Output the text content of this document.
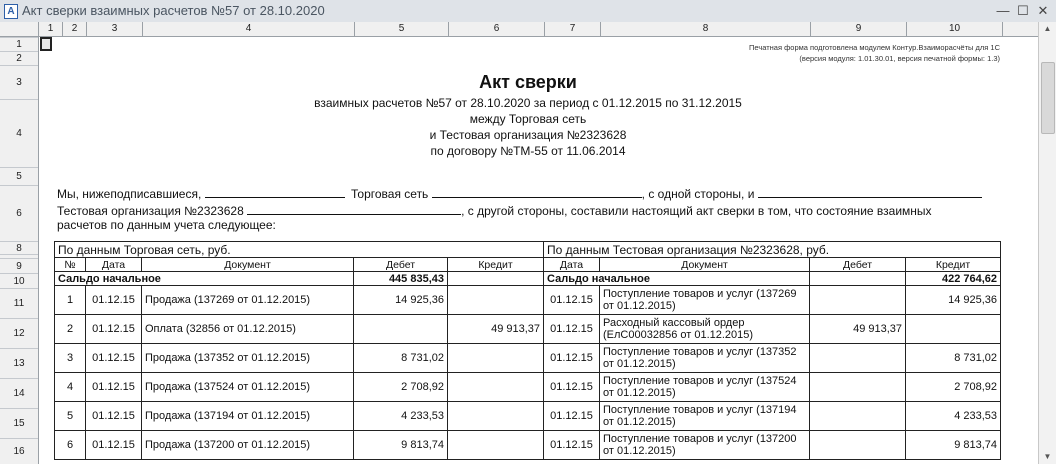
A Акт сверки взаимных расчетов №57 от 28.10.2020	— ☐ ✕
1	2	3	4	5	6	7	8	9	10
1
2
3
4
5
6
8
9
10
11
12
13
14
15
16
▲
▼
Печатная форма подготовлена модулем Контур.Взаиморасчёты для 1С
(версия модуля: 1.01.30.01, версия печатной формы: 1.3)
Акт сверки
взаимных расчетов №57 от 28.10.2020 за период с 01.12.2015 по 31.12.2015
между Торговая сеть
и Тестовая организация №2323628
по договору №ТМ-55 от 11.06.2014
Мы, нижеподписавшиеся,	Торговая сеть	, с одной стороны, и
Тестовая организация №2323628	, с другой стороны, составили настоящий акт сверки в том, что состояние взаимных
расчетов по данным учета следующее:
По данным Торговая сеть, руб.					По данным Тестовая организация №2323628, руб.			
№	Дата	Документ	Дебет	Кредит	Дата	Документ	Дебет	Кредит
Сальдо начальное			445 835,43		Сальдо начальное			422 764,62
1	01.12.15	Продажа (137269 от 01.12.2015)	14 925,36		01.12.15	Поступление товаров и услуг (137269 от 01.12.2015)		14 925,36
2	01.12.15	Оплата (32856 от 01.12.2015)		49 913,37	01.12.15	Расходный кассовый ордер (ЕлС00032856 от 01.12.2015)	49 913,37	
3	01.12.15	Продажа (137352 от 01.12.2015)	8 731,02		01.12.15	Поступление товаров и услуг (137352 от 01.12.2015)		8 731,02
4	01.12.15	Продажа (137524 от 01.12.2015)	2 708,92		01.12.15	Поступление товаров и услуг (137524 от 01.12.2015)		2 708,92
5	01.12.15	Продажа (137194 от 01.12.2015)	4 233,53		01.12.15	Поступление товаров и услуг (137194 от 01.12.2015)		4 233,53
6	01.12.15	Продажа (137200 от 01.12.2015)	9 813,74		01.12.15	Поступление товаров и услуг (137200 от 01.12.2015)		9 813,74
